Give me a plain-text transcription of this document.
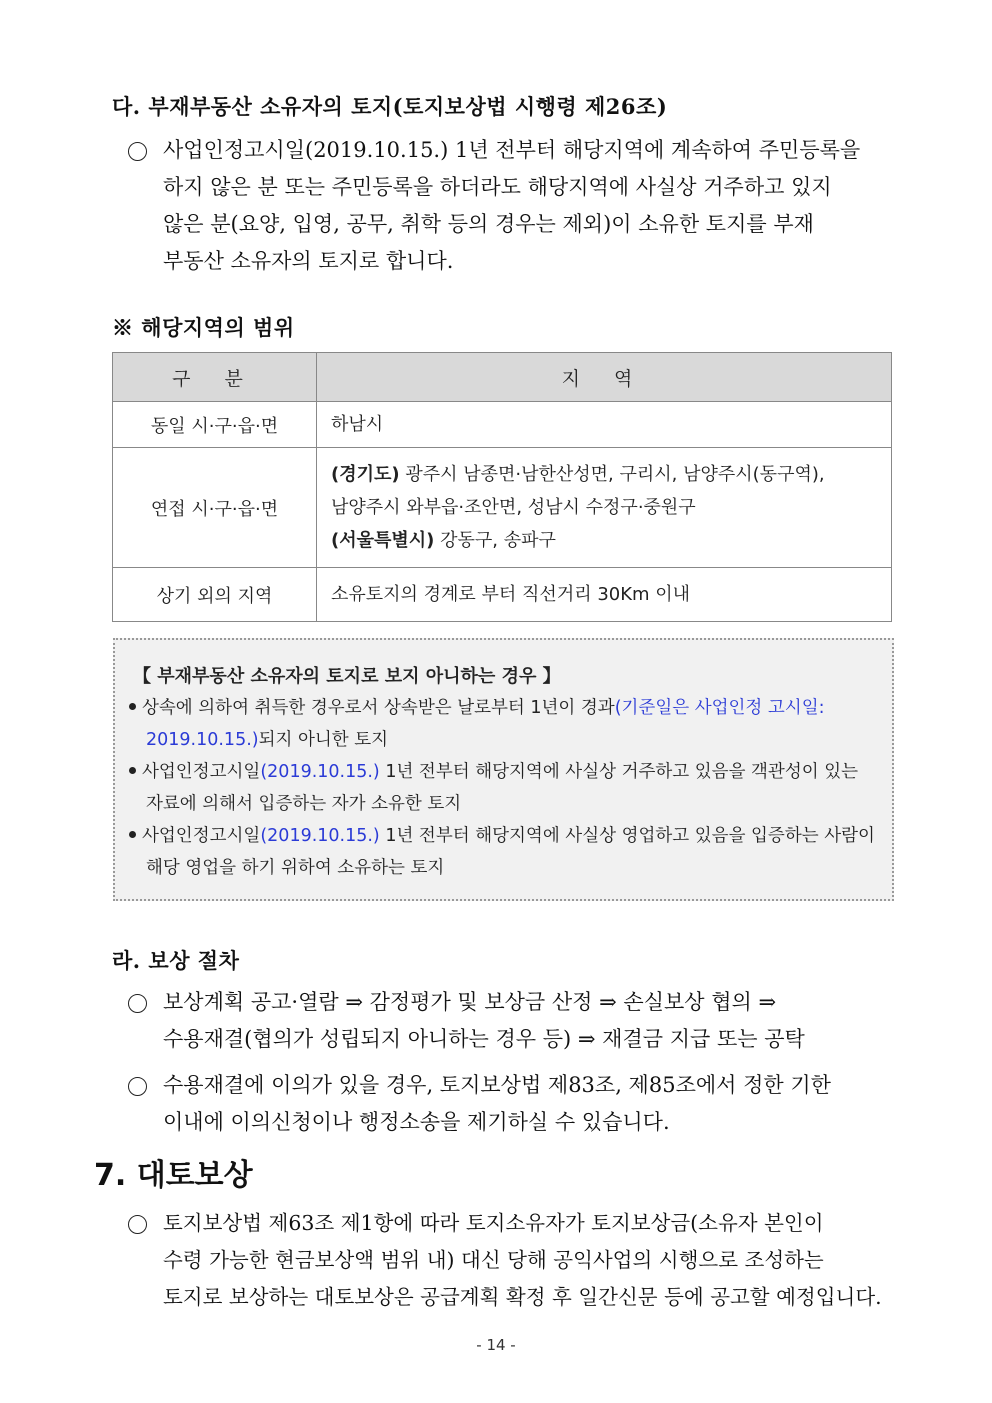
다. 부재부동산 소유자의 토지(토지보상법 시행령 제26조)
사업인정고시일(2019.10.15.) 1년 전부터 해당지역에 계속하여 주민등록을
하지 않은 분 또는 주민등록을 하더라도 해당지역에 사실상 거주하고 있지
않은 분(요양, 입영, 공무, 취학 등의 경우는 제외)이 소유한 토지를 부재
부동산 소유자의 토지로 합니다.
※ 해당지역의 범위
구 분	지 역
동일 시·구·읍·면	하남시
연접 시·구·읍·면	(경기도) 광주시 남종면·남한산성면, 구리시, 남양주시(동구역),
남양주시 와부읍·조안면, 성남시 수정구·중원구
(서울특별시) 강동구, 송파구

상기 외의 지역	소유토지의 경계로 부터 직선거리 30Km 이내
【 부재부동산 소유자의 토지로 보지 아니하는 경우 】
상속에 의하여 취득한 경우로서 상속받은 날로부터 1년이 경과(기준일은 사업인정 고시일:
2019.10.15.)되지 아니한 토지
사업인정고시일(2019.10.15.) 1년 전부터 해당지역에 사실상 거주하고 있음을 객관성이 있는
자료에 의해서 입증하는 자가 소유한 토지
사업인정고시일(2019.10.15.) 1년 전부터 해당지역에 사실상 영업하고 있음을 입증하는 사람이
해당 영업을 하기 위하여 소유하는 토지
라. 보상 절차
보상계획 공고·열람 ⇒ 감정평가 및 보상금 산정 ⇒ 손실보상 협의 ⇒
수용재결(협의가 성립되지 아니하는 경우 등) ⇒ 재결금 지급 또는 공탁
수용재결에 이의가 있을 경우, 토지보상법 제83조, 제85조에서 정한 기한
이내에 이의신청이나 행정소송을 제기하실 수 있습니다.
7. 대토보상
토지보상법 제63조 제1항에 따라 토지소유자가 토지보상금(소유자 본인이
수령 가능한 현금보상액 범위 내) 대신 당해 공익사업의 시행으로 조성하는
토지로 보상하는 대토보상은 공급계획 확정 후 일간신문 등에 공고할 예정입니다.
- 14 -
